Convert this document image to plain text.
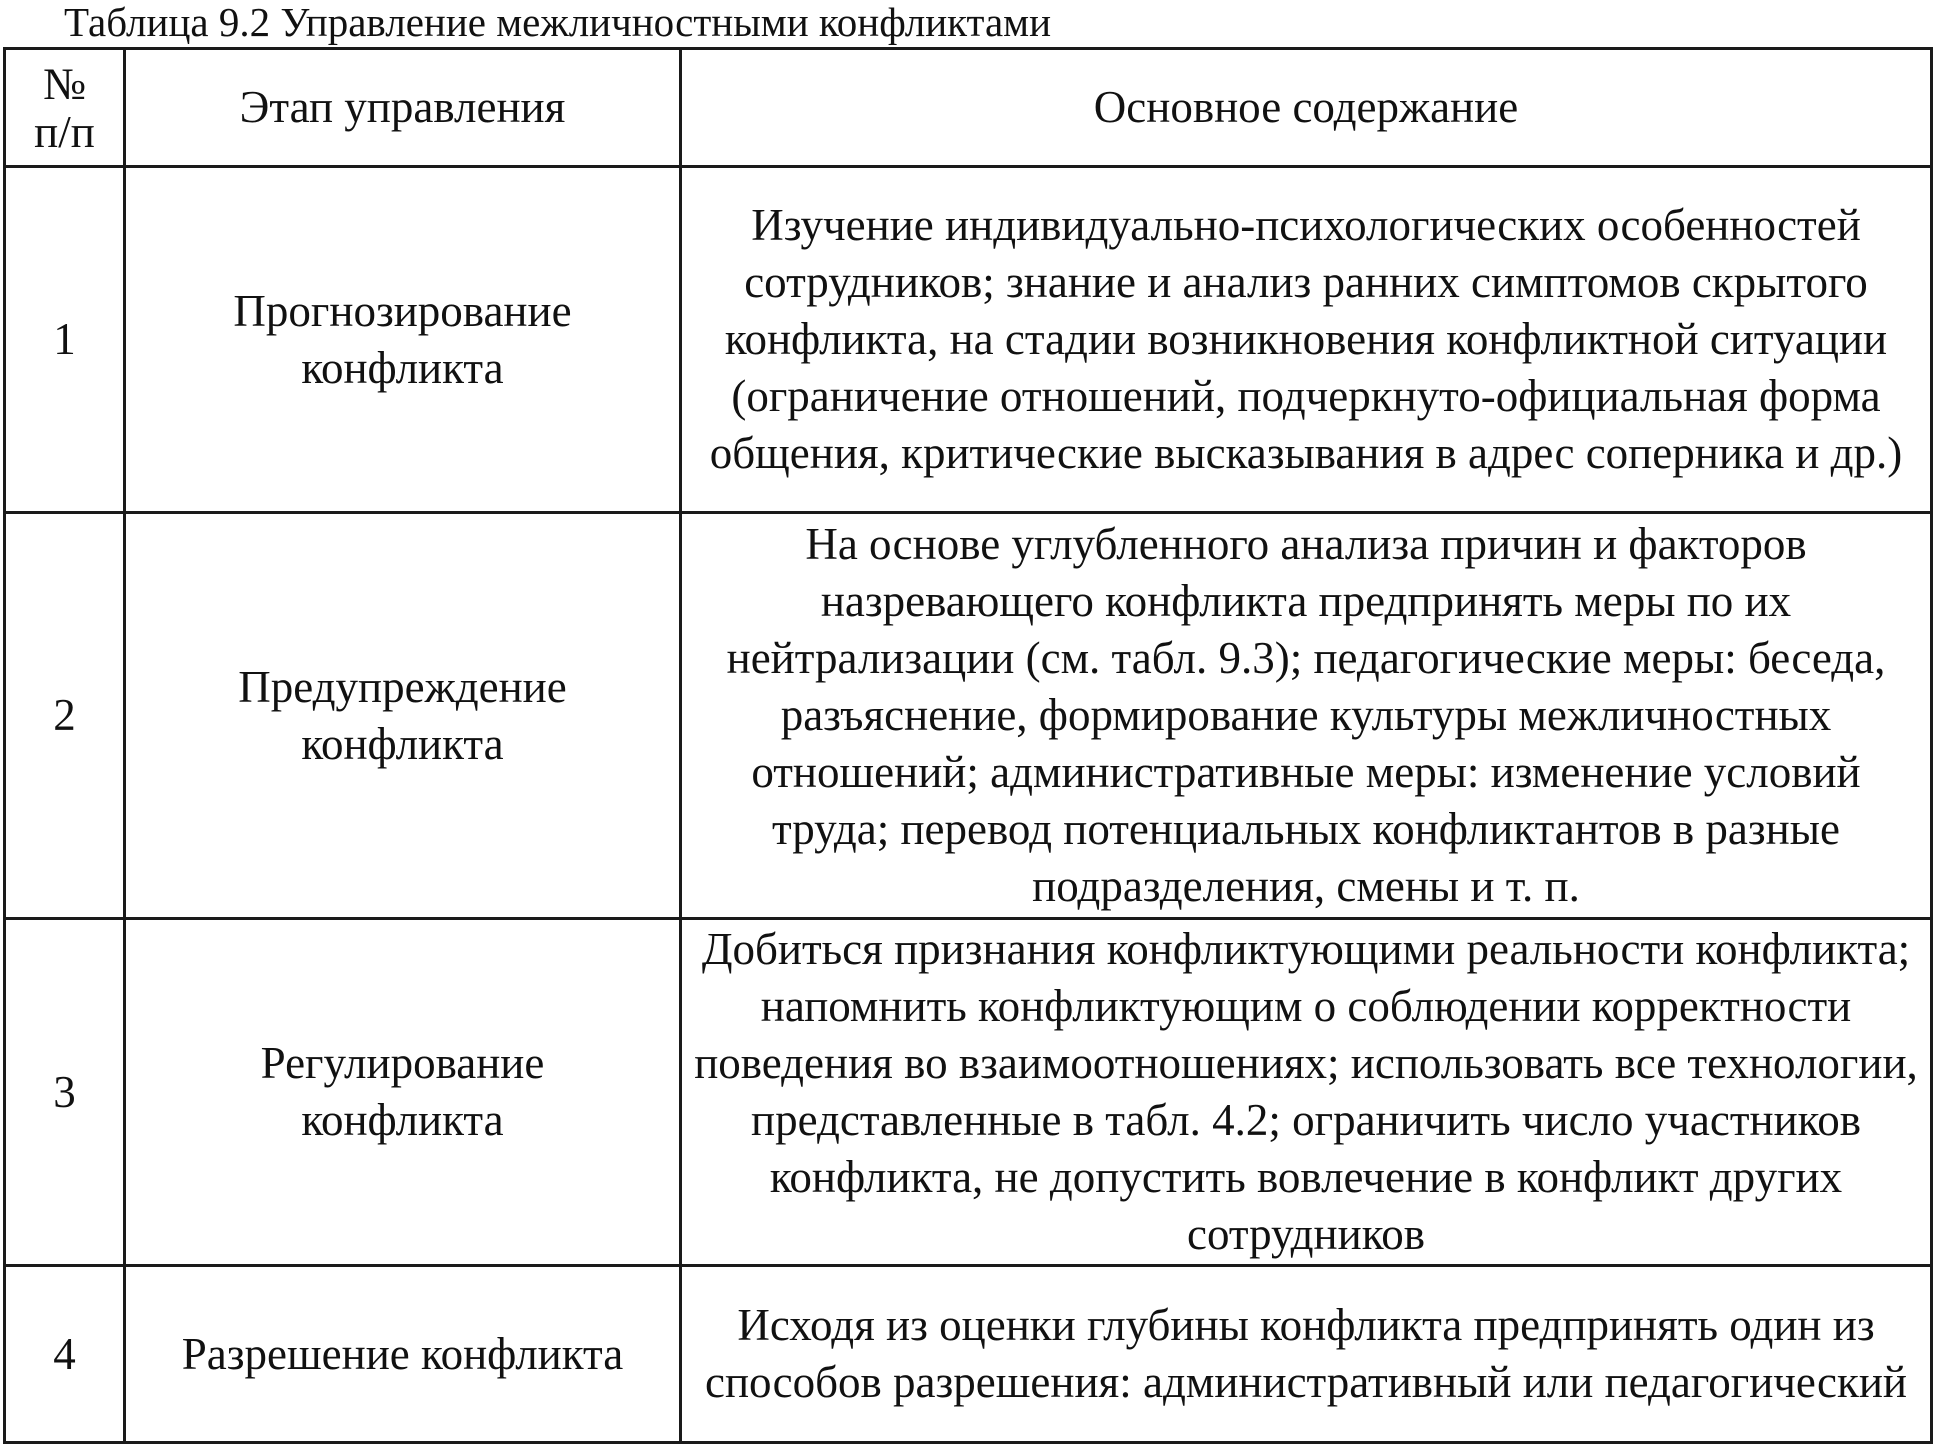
Таблица 9.2 Управление межличностными конфликтами
№
п/п	Этап управления	Основное содержание
1	Прогнозирование конфликта	Изучение индивидуально-психологических особенностей сотрудников; знание и анализ ранних симптомов скрытого конфликта, на стадии возникновения конфликтной ситуации (ограничение отношений, подчеркнуто-официальная форма общения, критические высказывания в адрес соперника и др.)
2	Предупреждение конфликта	На основе углубленного анализа причин и факторов назревающего конфликта предпринять меры по их нейтрализации (см. табл. 9.3); педагогические меры: беседа, разъяснение, формирование культуры межличностных отношений; административные меры: изменение условий труда; перевод потенциальных конфликтантов в разные подразделения, смены и т. п.
3	Регулирование конфликта	Добиться признания конфликтующими реальности конфликта; напомнить конфликтующим о соблюдении корректности поведения во взаимоотношениях; использовать все технологии, представленные в табл. 4.2; ограничить число участников конфликта, не допустить вовлечение в конфликт других сотрудников
4	Разрешение конфликта	Исходя из оценки глубины конфликта предпринять один из способов разрешения: административный или педагогический
